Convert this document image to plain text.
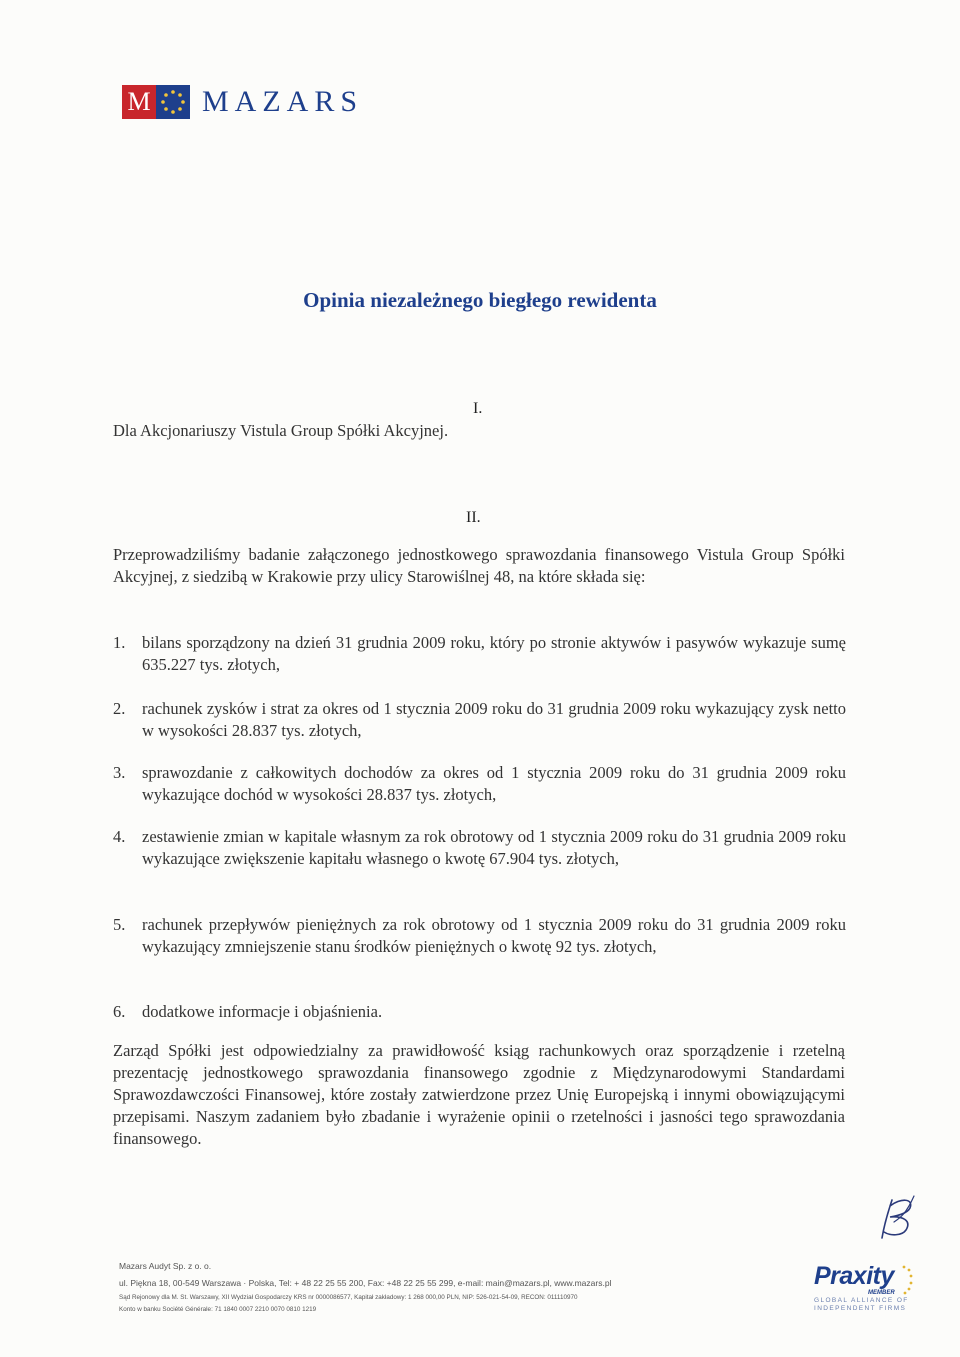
M MAZARS
Opinia niezależnego biegłego rewidenta
I.
Dla Akcjonariuszy Vistula Group Spółki Akcyjnej.
II.
Przeprowadziliśmy badanie załączonego jednostkowego sprawozdania finansowego Vistula Group Spółki Akcyjnej, z siedzibą w Krakowie przy ulicy Starowiślnej 48, na które składa się:
1. bilans sporządzony na dzień 31 grudnia 2009 roku, który po stronie aktywów i pasywów wykazuje sumę 635.227 tys. złotych,
2. rachunek zysków i strat za okres od 1 stycznia 2009 roku do 31 grudnia 2009 roku wykazujący zysk netto w wysokości 28.837 tys. złotych,
3. sprawozdanie z całkowitych dochodów za okres od 1 stycznia 2009 roku do 31 grudnia 2009 roku wykazujące dochód w wysokości 28.837 tys. złotych,
4. zestawienie zmian w kapitale własnym za rok obrotowy od 1 stycznia 2009 roku do 31 grudnia 2009 roku wykazujące zwiększenie kapitału własnego o kwotę 67.904 tys. złotych,
5. rachunek przepływów pieniężnych za rok obrotowy od 1 stycznia 2009 roku do 31 grudnia 2009 roku wykazujący zmniejszenie stanu środków pieniężnych o kwotę 92 tys. złotych,
6. dodatkowe informacje i objaśnienia.
Zarząd Spółki jest odpowiedzialny za prawidłowość ksiąg rachunkowych oraz sporządzenie i rzetelną prezentację jednostkowego sprawozdania finansowego zgodnie z Międzynarodowymi Standardami Sprawozdawczości Finansowej, które zostały zatwierdzone przez Unię Europejską i innymi obowiązującymi przepisami. Naszym zadaniem było zbadanie i wyrażenie opinii o rzetelności i jasności tego sprawozdania finansowego.
Mazars Audyt Sp. z o. o.
ul. Piękna 18, 00-549 Warszawa · Polska, Tel: + 48 22 25 55 200, Fax: +48 22 25 55 299, e-mail: main@mazars.pl, www.mazars.pl
Sąd Rejonowy dla M. St. Warszawy, XII Wydział Gospodarczy KRS nr 0000086577, Kapitał zakładowy: 1 268 000,00 PLN, NIP: 526-021-54-09, RECON: 011110970
Konto w banku Société Générale: 71 1840 0007 2210 0070 0810 1219
Praxity
MEMBER
GLOBAL ALLIANCE OF
INDEPENDENT FIRMS
